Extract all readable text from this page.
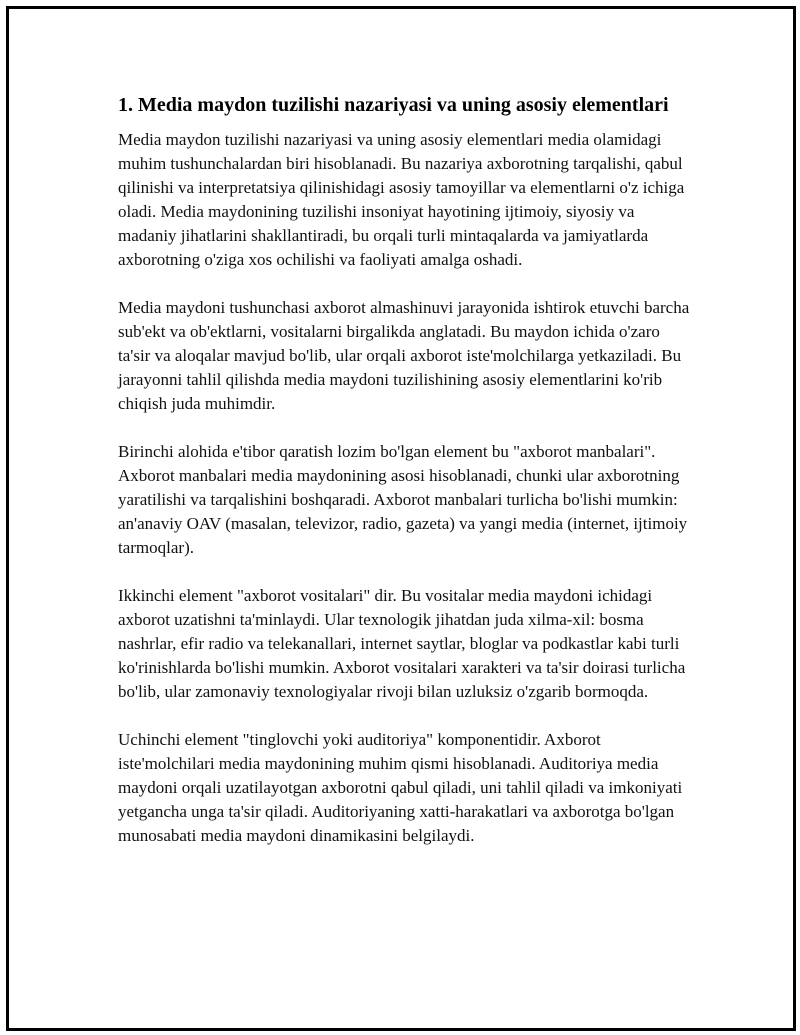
1. Media maydon tuzilishi nazariyasi va uning asosiy elementlari

Media maydon tuzilishi nazariyasi va uning asosiy elementlari media olamidagi muhim tushunchalardan biri hisoblanadi. Bu nazariya axborotning tarqalishi, qabul qilinishi va interpretatsiya qilinishidagi asosiy tamoyillar va elementlarni o'z ichiga oladi. Media maydonining tuzilishi insoniyat hayotining ijtimoiy, siyosiy va madaniy jihatlarini shakllantiradi, bu orqali turli mintaqalarda va jamiyatlarda axborotning o'ziga xos ochilishi va faoliyati amalga oshadi.

Media maydoni tushunchasi axborot almashinuvi jarayonida ishtirok etuvchi barcha sub'ekt va ob'ektlarni, vositalarni birgalikda anglatadi. Bu maydon ichida o'zaro ta'sir va aloqalar mavjud bo'lib, ular orqali axborot iste'molchilarga yetkaziladi. Bu jarayonni tahlil qilishda media maydoni tuzilishining asosiy elementlarini ko'rib chiqish juda muhimdir.

Birinchi alohida e'tibor qaratish lozim bo'lgan element bu "axborot manbalari". Axborot manbalari media maydonining asosi hisoblanadi, chunki ular axborotning yaratilishi va tarqalishini boshqaradi. Axborot manbalari turlicha bo'lishi mumkin: an'anaviy OAV (masalan, televizor, radio, gazeta) va yangi media (internet, ijtimoiy tarmoqlar).

Ikkinchi element "axborot vositalari" dir. Bu vositalar media maydoni ichidagi axborot uzatishni ta'minlaydi. Ular texnologik jihatdan juda xilma-xil: bosma nashrlar, efir radio va telekanallari, internet saytlar, bloglar va podkastlar kabi turli ko'rinishlarda bo'lishi mumkin. Axborot vositalari xarakteri va ta'sir doirasi turlicha bo'lib, ular zamonaviy texnologiyalar rivoji bilan uzluksiz o'zgarib bormoqda.

Uchinchi element "tinglovchi yoki auditoriya" komponentidir. Axborot iste'molchilari media maydonining muhim qismi hisoblanadi. Auditoriya media maydoni orqali uzatilayotgan axborotni qabul qiladi, uni tahlil qiladi va imkoniyati yetgancha unga ta'sir qiladi. Auditoriyaning xatti-harakatlari va axborotga bo'lgan munosabati media maydoni dinamikasini belgilaydi.
